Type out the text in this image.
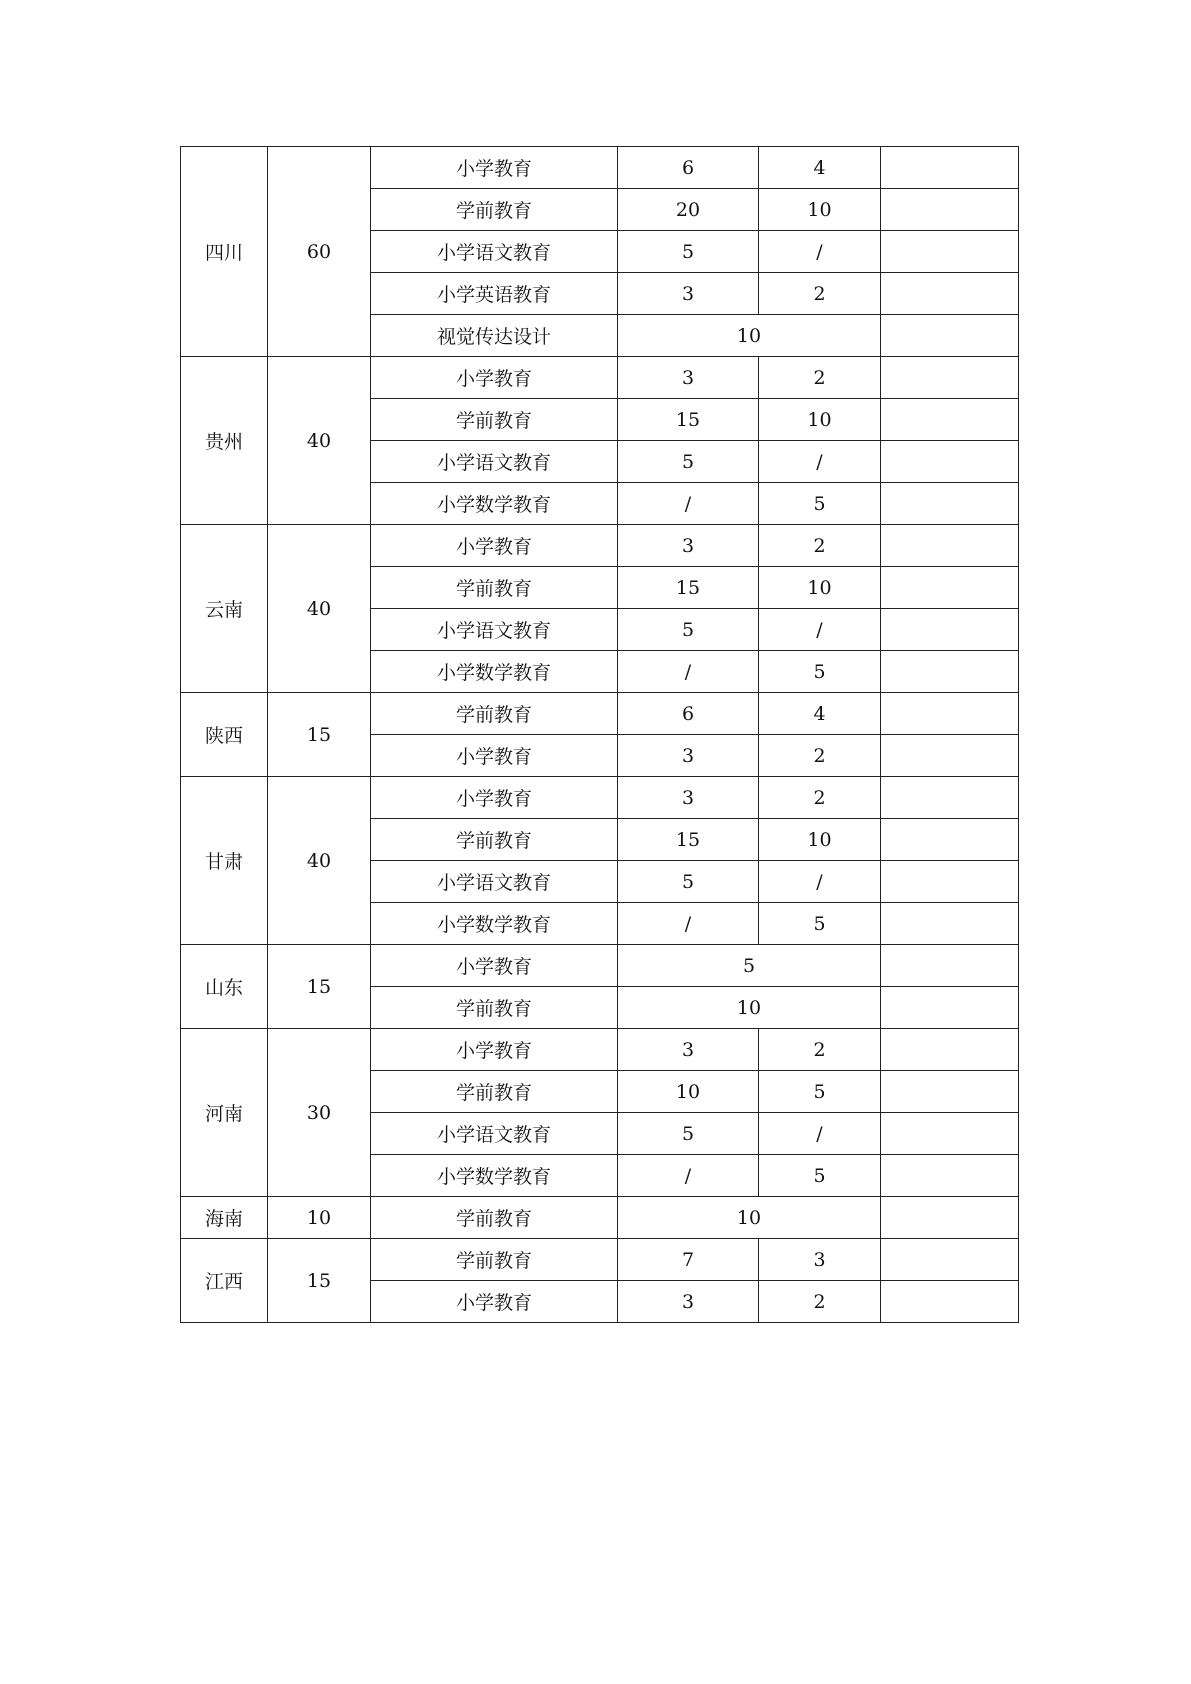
四川	60	小学教育	6	4	
		学前教育	20	10	
		小学语文教育	5	/	
		小学英语教育	3	2	
		视觉传达设计	10		
贵州	40	小学教育	3	2	
		学前教育	15	10	
		小学语文教育	5	/	
		小学数学教育	/	5	
云南	40	小学教育	3	2	
		学前教育	15	10	
		小学语文教育	5	/	
		小学数学教育	/	5	
陕西	15	学前教育	6	4	
		小学教育	3	2	
甘肃	40	小学教育	3	2	
		学前教育	15	10	
		小学语文教育	5	/	
		小学数学教育	/	5	
山东	15	小学教育	5		
		学前教育	10		
河南	30	小学教育	3	2	
		学前教育	10	5	
		小学语文教育	5	/	
		小学数学教育	/	5	
海南	10	学前教育	10		
江西	15	学前教育	7	3	
		小学教育	3	2	
